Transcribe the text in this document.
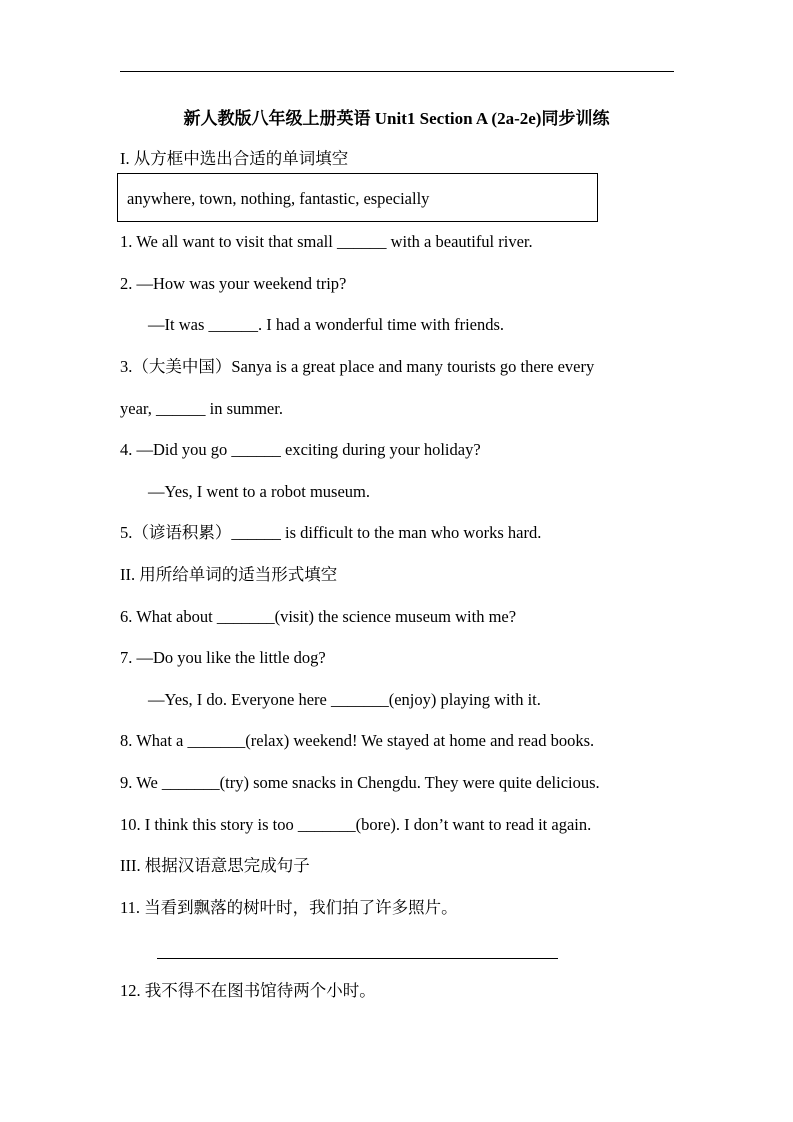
新人教版八年级上册英语 Unit1 Section A (2a-2e)同步训练
I. 从方框中选出合适的单词填空
anywhere, town, nothing, fantastic, especially
1. We all want to visit that small ______ with a beautiful river.
2. —How was your weekend trip?
—It was ______. I had a wonderful time with friends.
3.（大美中国）Sanya is a great place and many tourists go there every
year, ______ in summer.
4. —Did you go ______ exciting during your holiday?
—Yes, I went to a robot museum.
5.（谚语积累）______ is difficult to the man who works hard.
II. 用所给单词的适当形式填空
6. What about _______(visit) the science museum with me?
7. —Do you like the little dog?
—Yes, I do. Everyone here _______(enjoy) playing with it.
8. What a _______(relax) weekend! We stayed at home and read books.
9. We _______(try) some snacks in Chengdu. They were quite delicious.
10. I think this story is too _______(bore). I don’t want to read it again.
III. 根据汉语意思完成句子
11. 当看到飘落的树叶时，我们拍了许多照片。
12. 我不得不在图书馆待两个小时。
